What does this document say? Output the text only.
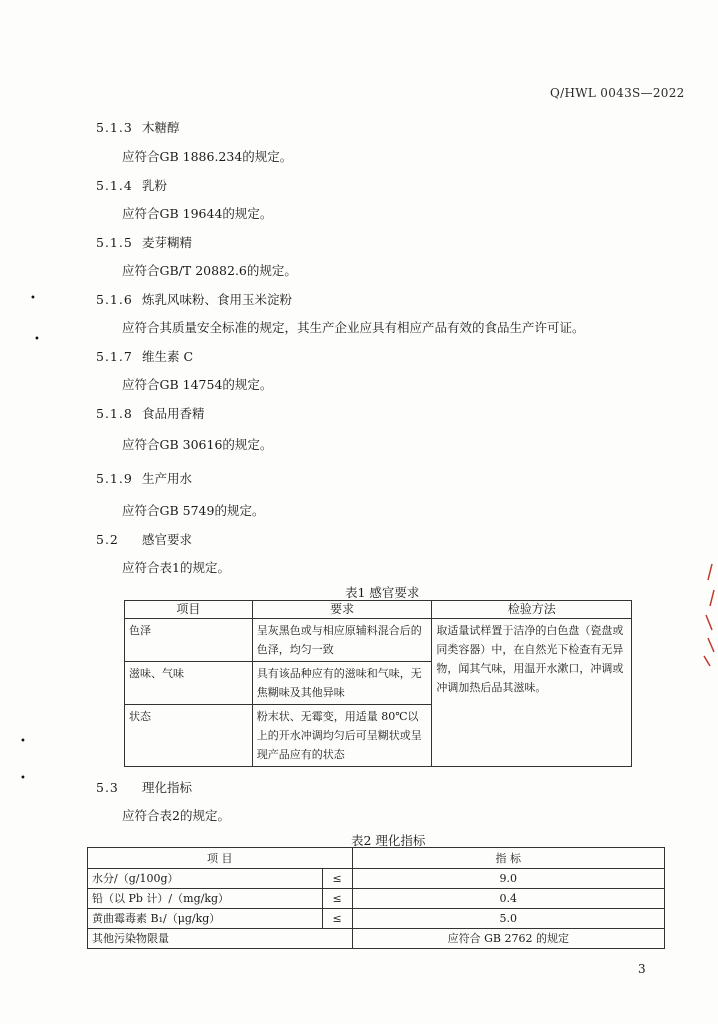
Q/HWL 0043S—2022
5.1.3 木糖醇
应符合GB 1886.234的规定。
5.1.4 乳粉
应符合GB 19644的规定。
5.1.5 麦芽糊精
应符合GB/T 20882.6的规定。
5.1.6 炼乳风味粉、食用玉米淀粉
应符合其质量安全标准的规定，其生产企业应具有相应产品有效的食品生产许可证。
5.1.7 维生素 C
应符合GB 14754的规定。
5.1.8 食品用香精
应符合GB 30616的规定。
5.1.9 生产用水
应符合GB 5749的规定。
5.2 感官要求
应符合表1的规定。
表1 感官要求
项目	要求	检验方法
色泽	呈灰黑色或与相应原辅料混合后的色泽，均匀一致	取适量试样置于洁净的白色盘（瓷盘或同类容器）中，在自然光下检查有无异物，闻其气味，用温开水漱口，冲调或冲调加热后品其滋味。
滋味、气味	具有该品种应有的滋味和气味，无焦糊味及其他异味	
状态	粉末状、无霉变，用适量 80℃以上的开水冲调均匀后可呈糊状或呈现产品应有的状态	
5.3 理化指标
应符合表2的规定。
表2 理化指标
项 目		指 标
水分/（g/100g）	≤	9.0
铅（以 Pb 计）/（mg/kg）	≤	0.4
黄曲霉毒素 B₁/（μg/kg）	≤	5.0
其他污染物限量		应符合 GB 2762 的规定
3
•
•
•
•
